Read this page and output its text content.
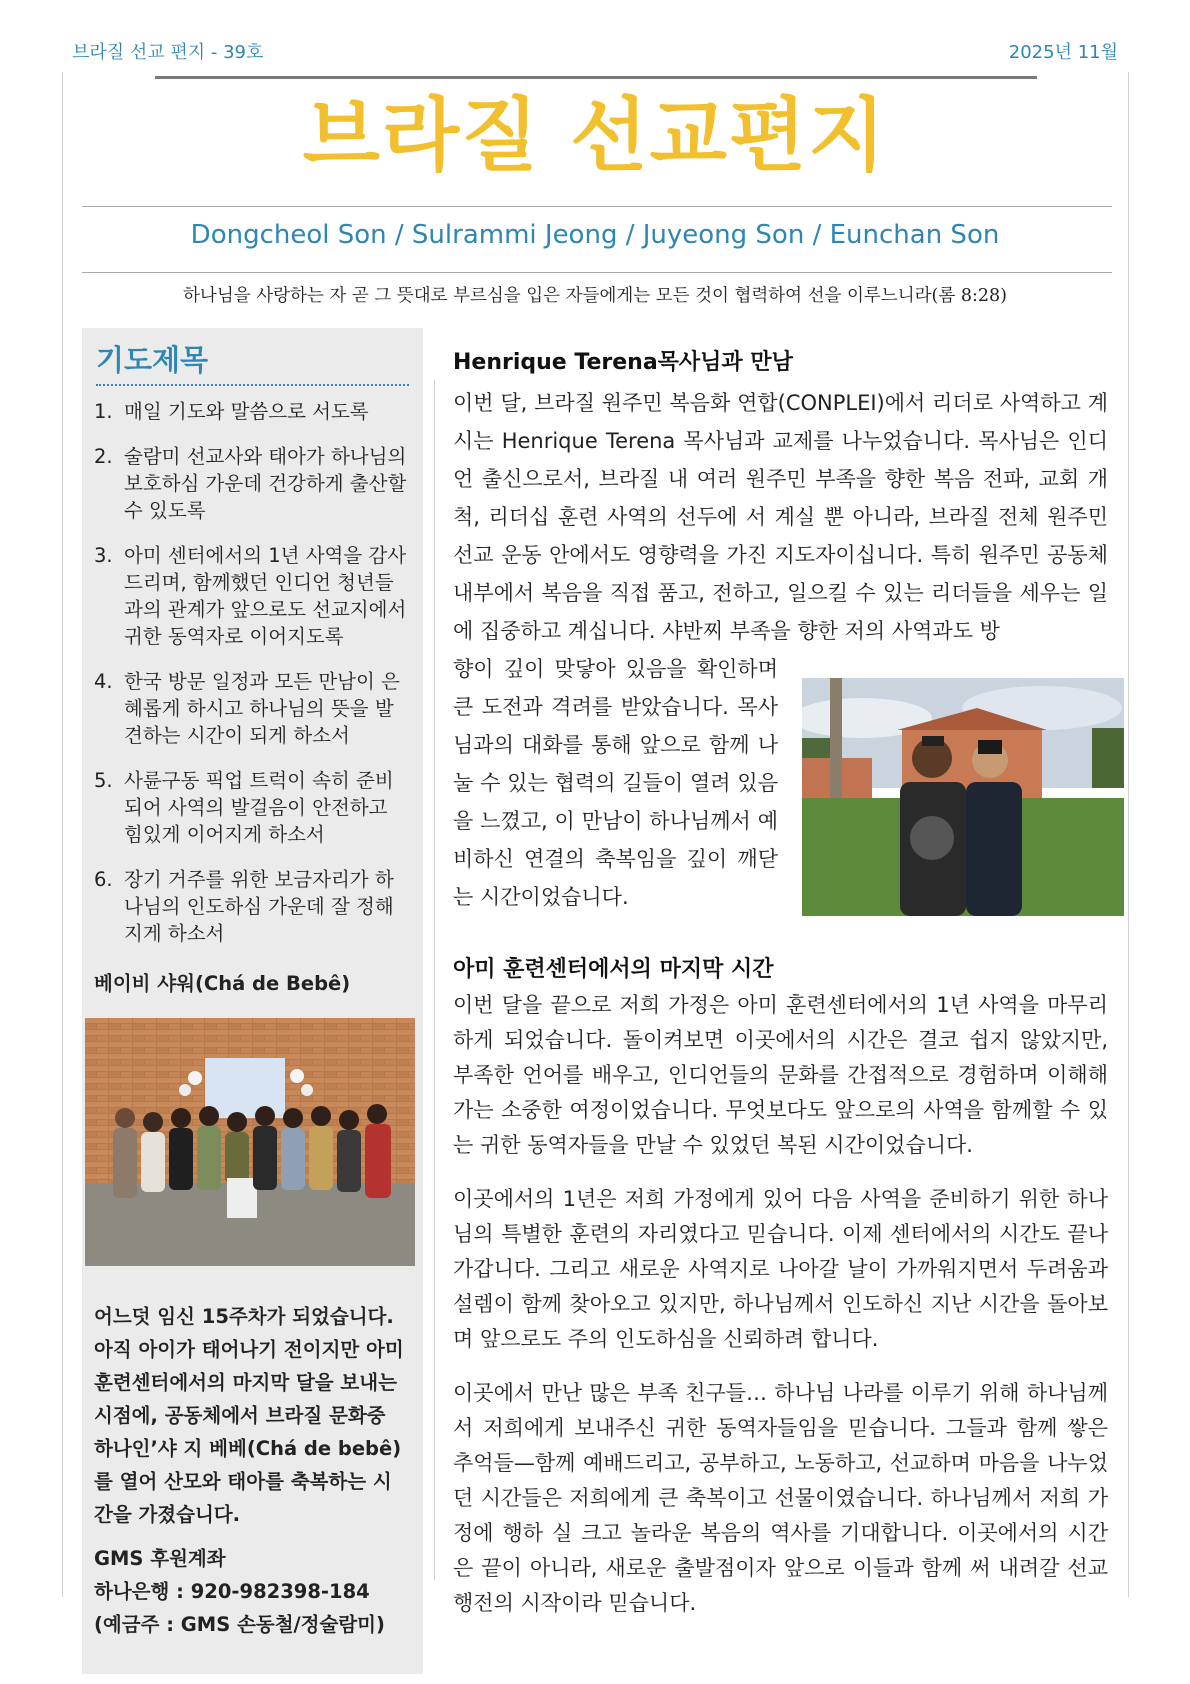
브라질 선교 편지 - 39호	2025년 11월
브라질 선교편지
Dongcheol Son / Sulrammi Jeong / Juyeong Son / Eunchan Son
하나님을 사랑하는 자 곧 그 뜻대로 부르심을 입은 자들에게는 모든 것이 협력하여 선을 이루느니라(롬 8:28)
기도제목
1. 매일 기도와 말씀으로 서도록
2. 술람미 선교사와 태아가 하나님의 보호하심 가운데 건강하게 출산할 수 있도록
3. 아미 센터에서의 1년 사역을 감사드리며, 함께했던 인디언 청년들과의 관계가 앞으로도 선교지에서 귀한 동역자로 이어지도록
4. 한국 방문 일정과 모든 만남이 은혜롭게 하시고 하나님의 뜻을 발견하는 시간이 되게 하소서
5. 사륜구동 픽업 트럭이 속히 준비되어 사역의 발걸음이 안전하고 힘있게 이어지게 하소서
6. 장기 거주를 위한 보금자리가 하나님의 인도하심 가운데 잘 정해지게 하소서
베이비 샤워(Chá de Bebê)
어느덧 임신 15주차가 되었습니다. 아직 아이가 태어나기 전이지만 아미 훈련센터에서의 마지막 달을 보내는 시점에, 공동체에서 브라질 문화중 하나인’샤 지 베베(Chá de bebê)를 열어 산모와 태아를 축복하는 시간을 가졌습니다.
GMS 후원계좌
하나은행 : 920-982398-184
(예금주 : GMS 손동철/정술람미)
Henrique Terena목사님과 만남
이번 달, 브라질 원주민 복음화 연합(CONPLEI)에서 리더로 사역하고 계시는 Henrique Terena 목사님과 교제를 나누었습니다. 목사님은 인디언 출신으로서, 브라질 내 여러 원주민 부족을 향한 복음 전파, 교회 개척, 리더십 훈련 사역의 선두에 서 계실 뿐 아니라, 브라질 전체 원주민 선교 운동 안에서도 영향력을 가진 지도자이십니다. 특히 원주민 공동체 내부에서 복음을 직접 품고, 전하고, 일으킬 수 있는 리더들을 세우는 일에 집중하고 계십니다. 샤반찌 부족을 향한 저의 사역과도 방
향이 깊이 맞닿아 있음을 확인하며 큰 도전과 격려를 받았습니다. 목사님과의 대화를 통해 앞으로 함께 나눌 수 있는 협력의 길들이 열려 있음을 느꼈고, 이 만남이 하나님께서 예비하신 연결의 축복임을 깊이 깨닫는 시간이었습니다.
아미 훈련센터에서의 마지막 시간
이번 달을 끝으로 저희 가정은 아미 훈련센터에서의 1년 사역을 마무리하게 되었습니다. 돌이켜보면 이곳에서의 시간은 결코 쉽지 않았지만, 부족한 언어를 배우고, 인디언들의 문화를 간접적으로 경험하며 이해해 가는 소중한 여정이었습니다. 무엇보다도 앞으로의 사역을 함께할 수 있는 귀한 동역자들을 만날 수 있었던 복된 시간이었습니다.
이곳에서의 1년은 저희 가정에게 있어 다음 사역을 준비하기 위한 하나님의 특별한 훈련의 자리였다고 믿습니다. 이제 센터에서의 시간도 끝나가갑니다. 그리고 새로운 사역지로 나아갈 날이 가까워지면서 두려움과 설렘이 함께 찾아오고 있지만, 하나님께서 인도하신 지난 시간을 돌아보며 앞으로도 주의 인도하심을 신뢰하려 합니다.
이곳에서 만난 많은 부족 친구들… 하나님 나라를 이루기 위해 하나님께서 저희에게 보내주신 귀한 동역자들임을 믿습니다. 그들과 함께 쌓은 추억들—함께 예배드리고, 공부하고, 노동하고, 선교하며 마음을 나누었던 시간들은 저희에게 큰 축복이고 선물이였습니다. 하나님께서 저희 가정에 행하 실 크고 놀라운 복음의 역사를 기대합니다. 이곳에서의 시간은 끝이 아니라, 새로운 출발점이자 앞으로 이들과 함께 써 내려갈 선교 행전의 시작이라 믿습니다.
